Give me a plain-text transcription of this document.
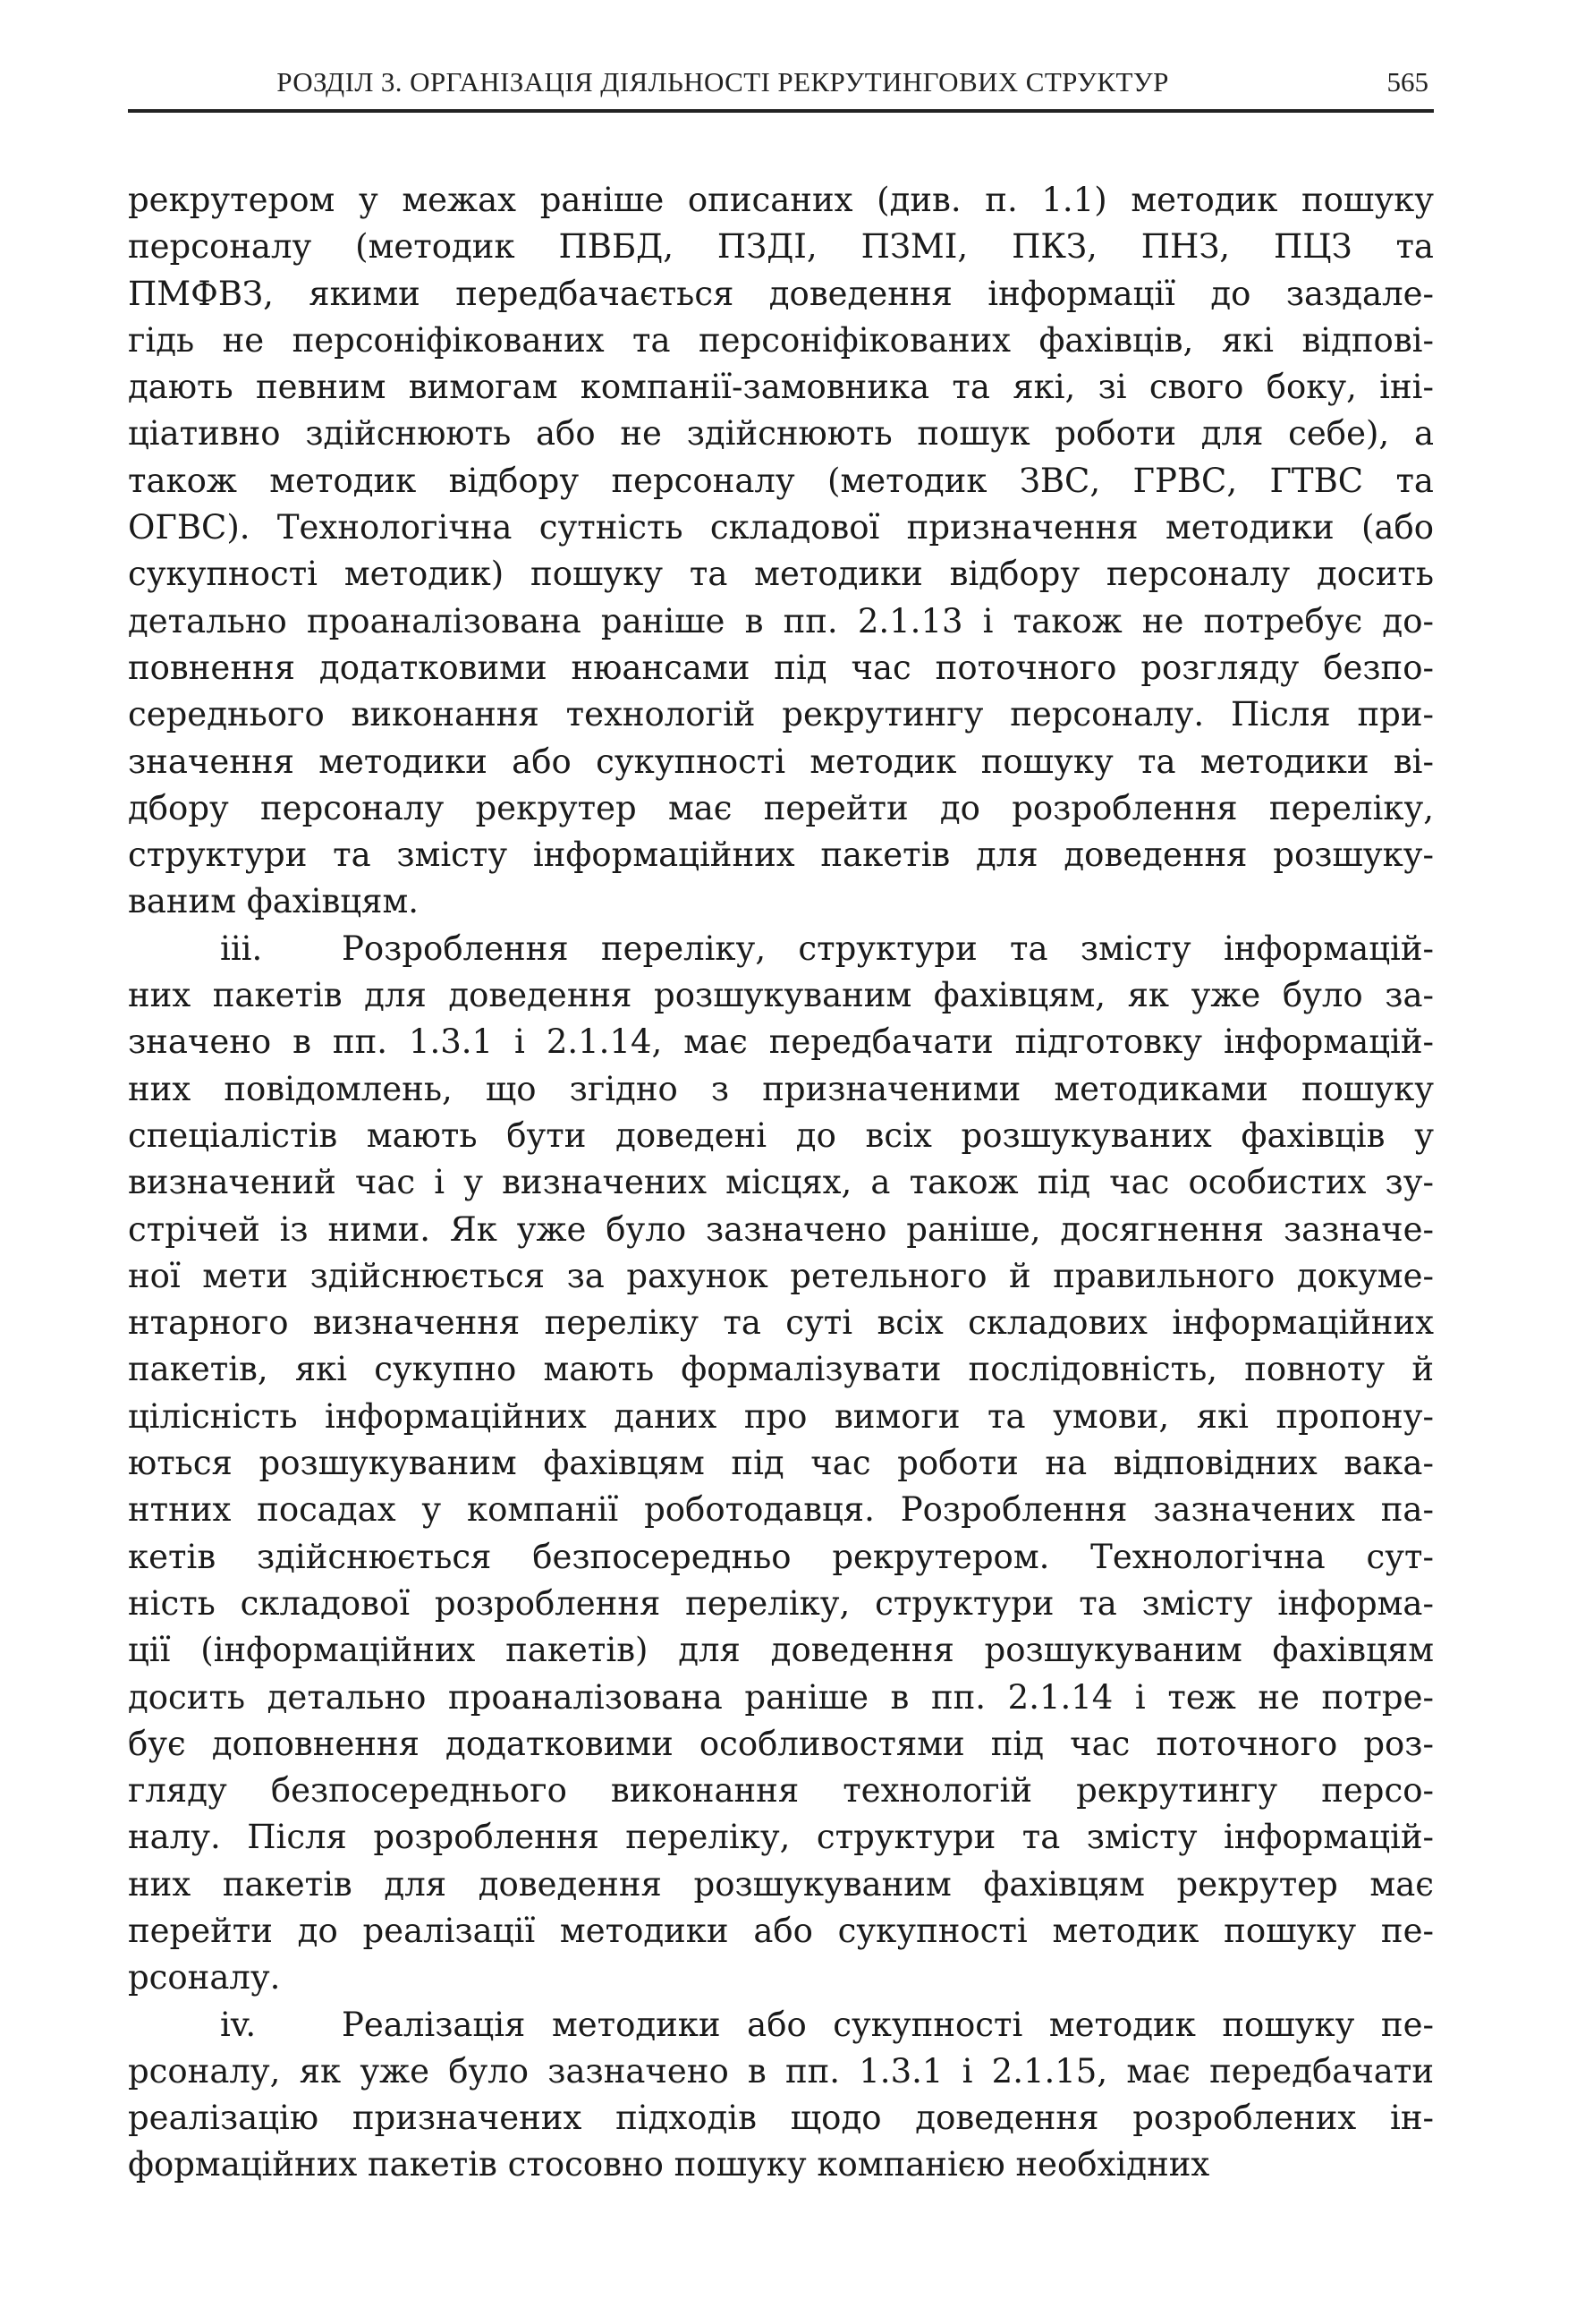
РОЗДІЛ 3. ОРГАНІЗАЦІЯ ДІЯЛЬНОСТІ РЕКРУТИНГОВИХ СТРУКТУР	565
рекрутером у межах раніше описаних (див. п. 1.1) методик пошуку
персоналу (методик ПВБД, ПЗДІ, ПЗМІ, ПКЗ, ПНЗ, ПЦЗ та
ПМФВЗ, якими передбачається доведення інформації до заздале-
гідь не персоніфікованих та персоніфікованих фахівців, які відпові-
дають певним вимогам компанії-замовника та які, зі свого боку, іні-
ціативно здійснюють або не здійснюють пошук роботи для себе), а
також методик відбору персоналу (методик ЗВС, ГРВС, ГТВС та
ОГВС). Технологічна сутність складової призначення методики (або
сукупності методик) пошуку та методики відбору персоналу досить
детально проаналізована раніше в пп. 2.1.13 і також не потребує до-
повнення додатковими нюансами під час поточного розгляду безпо-
середнього виконання технологій рекрутингу персоналу. Після при-
значення методики або сукупності методик пошуку та методики ві-
дбору персоналу рекрутер має перейти до розроблення переліку,
структури та змісту інформаційних пакетів для доведення розшуку-
ваним фахівцям.
iii. Розроблення переліку, структури та змісту інформацій-
них пакетів для доведення розшукуваним фахівцям, як уже було за-
значено в пп. 1.3.1 і 2.1.14, має передбачати підготовку інформацій-
них повідомлень, що згідно з призначеними методиками пошуку
спеціалістів мають бути доведені до всіх розшукуваних фахівців у
визначений час і у визначених місцях, а також під час особистих зу-
стрічей із ними. Як уже було зазначено раніше, досягнення зазначе-
ної мети здійснюється за рахунок ретельного й правильного докуме-
нтарного визначення переліку та суті всіх складових інформаційних
пакетів, які сукупно мають формалізувати послідовність, повноту й
цілісність інформаційних даних про вимоги та умови, які пропону-
ються розшукуваним фахівцям під час роботи на відповідних вака-
нтних посадах у компанії роботодавця. Розроблення зазначених па-
кетів здійснюється безпосередньо рекрутером. Технологічна сут-
ність складової розроблення переліку, структури та змісту інформа-
ції (інформаційних пакетів) для доведення розшукуваним фахівцям
досить детально проаналізована раніше в пп. 2.1.14 і теж не потре-
бує доповнення додатковими особливостями під час поточного роз-
гляду безпосереднього виконання технологій рекрутингу персо-
налу. Після розроблення переліку, структури та змісту інформацій-
них пакетів для доведення розшукуваним фахівцям рекрутер має
перейти до реалізації методики або сукупності методик пошуку пе-
рсоналу.
iv.	Реалізація методики або сукупності методик пошуку пе-
рсоналу, як уже було зазначено в пп. 1.3.1 і 2.1.15, має передбачати
реалізацію призначених підходів щодо доведення розроблених ін-
формаційних пакетів стосовно пошуку компанією необхідних
